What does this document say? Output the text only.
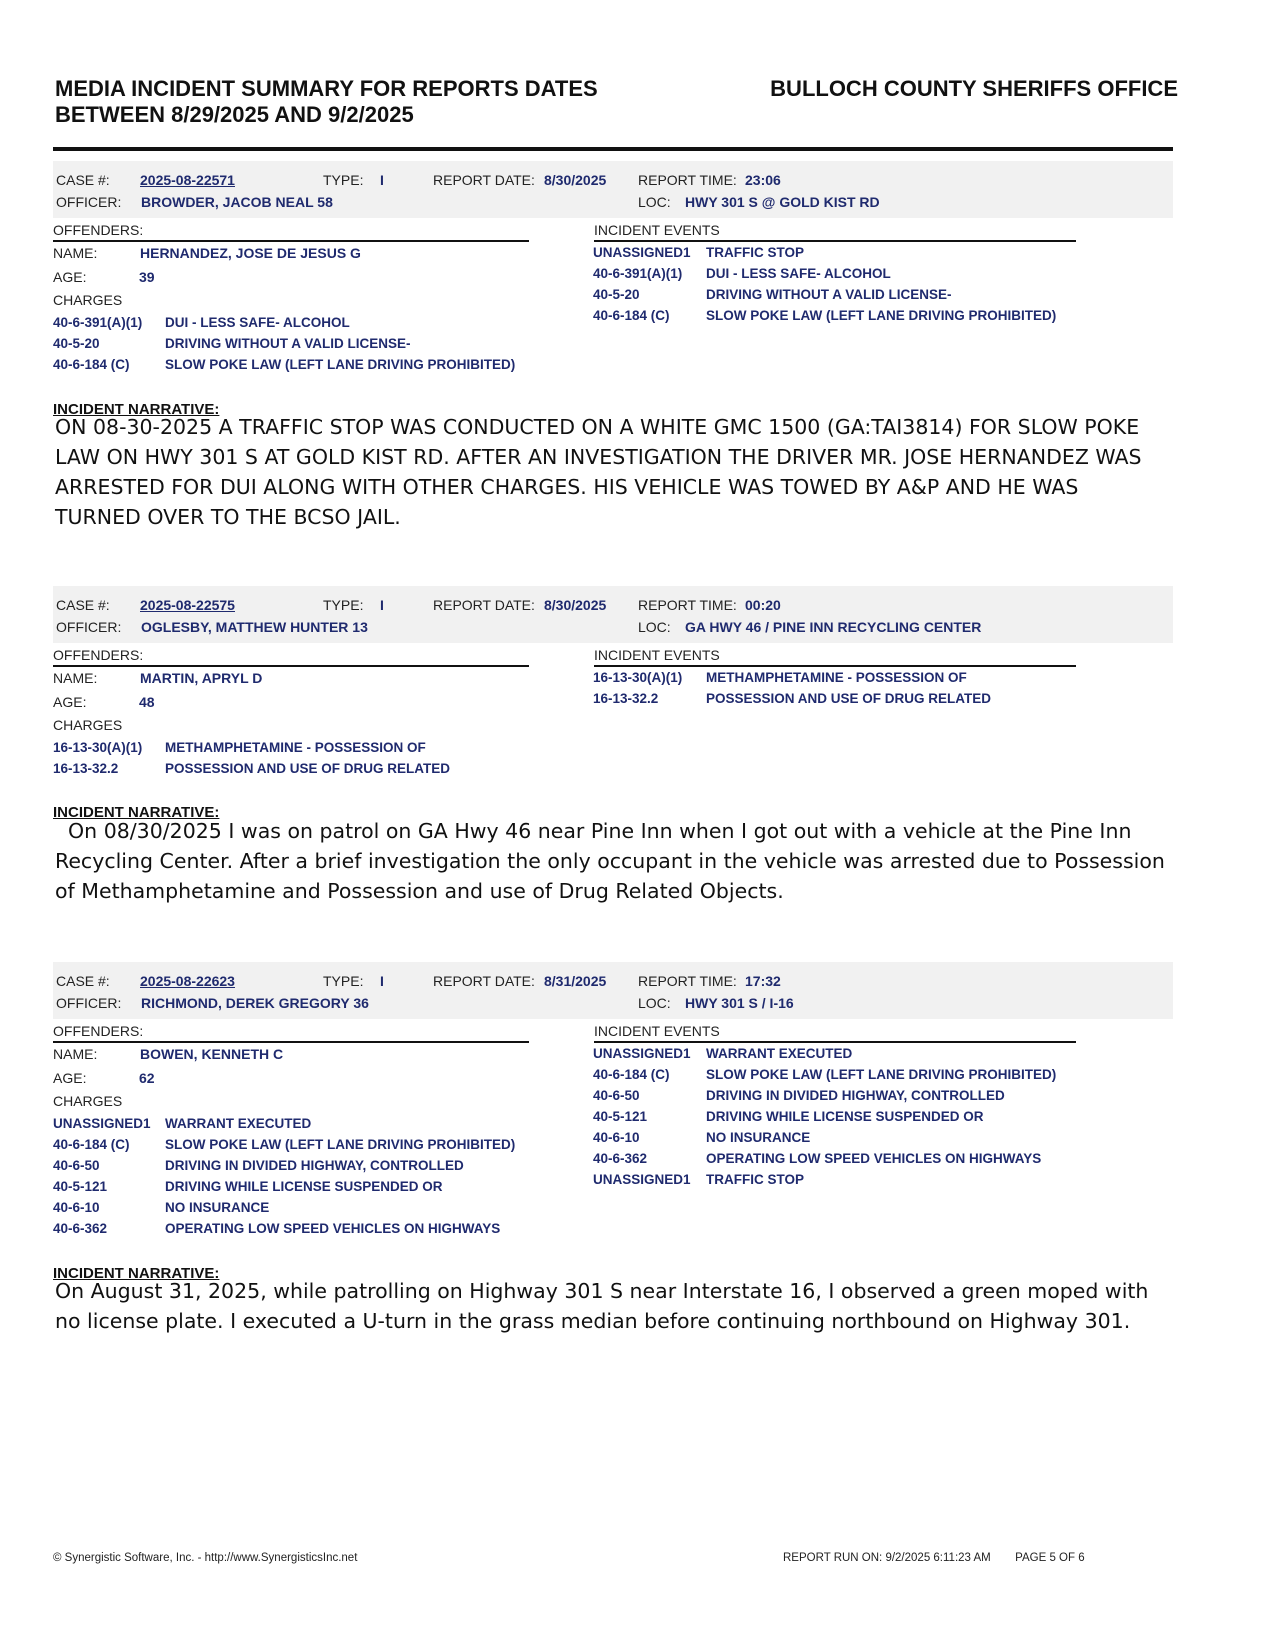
MEDIA INCIDENT SUMMARY FOR REPORTS DATES
BETWEEN 8/29/2025 AND 9/2/2025
BULLOCH COUNTY SHERIFFS OFFICE
CASE #: 2025-08-22571	TYPE: I	REPORT DATE: 8/30/2025 REPORT TIME: 23:06
OFFICER: BROWDER, JACOB NEAL 58	LOC: HWY 301 S @ GOLD KIST RD
OFFENDERS:	INCIDENT EVENTS
NAME:	HERNANDEZ, JOSE DE JESUS G
AGE:	39
CHARGES
40-6-391(A)(1) DUI - LESS SAFE- ALCOHOL
40-5-20	DRIVING WITHOUT A VALID LICENSE-
40-6-184 (C)	SLOW POKE LAW (LEFT LANE DRIVING PROHIBITED)
UNASSIGNED1 TRAFFIC STOP
40-6-391(A)(1) DUI - LESS SAFE- ALCOHOL
40-5-20	DRIVING WITHOUT A VALID LICENSE-
40-6-184 (C)	SLOW POKE LAW (LEFT LANE DRIVING PROHIBITED)
INCIDENT NARRATIVE:

ON 08-30-2025 A TRAFFIC STOP WAS CONDUCTED ON A WHITE GMC 1500 (GA:TAI3814) FOR SLOW POKE LAW ON HWY 301 S AT GOLD KIST RD. AFTER AN INVESTIGATION THE DRIVER MR. JOSE HERNANDEZ WAS ARRESTED FOR DUI ALONG WITH OTHER CHARGES. HIS VEHICLE WAS TOWED BY A&P AND HE WAS TURNED OVER TO THE BCSO JAIL.

CASE #: 2025-08-22575	TYPE: I	REPORT DATE: 8/30/2025 REPORT TIME: 00:20
OFFICER: OGLESBY, MATTHEW HUNTER 13	LOC: GA HWY 46 / PINE INN RECYCLING CENTER
OFFENDERS:	INCIDENT EVENTS
NAME:	MARTIN, APRYL D
AGE:	48
CHARGES
16-13-30(A)(1) METHAMPHETAMINE - POSSESSION OF
16-13-32.2	POSSESSION AND USE OF DRUG RELATED
16-13-30(A)(1) METHAMPHETAMINE - POSSESSION OF
16-13-32.2	POSSESSION AND USE OF DRUG RELATED
INCIDENT NARRATIVE:

On 08/30/2025 I was on patrol on GA Hwy 46 near Pine Inn when I got out with a vehicle at the Pine Inn Recycling Center. After a brief investigation the only occupant in the vehicle was arrested due to Possession of Methamphetamine and Possession and use of Drug Related Objects.

CASE #: 2025-08-22623	TYPE: I	REPORT DATE: 8/31/2025 REPORT TIME: 17:32
OFFICER: RICHMOND, DEREK GREGORY 36	LOC: HWY 301 S / I-16
OFFENDERS:	INCIDENT EVENTS
NAME:	BOWEN, KENNETH C
AGE:	62
CHARGES
UNASSIGNED1 WARRANT EXECUTED
40-6-184 (C)	SLOW POKE LAW (LEFT LANE DRIVING PROHIBITED)
40-6-50	DRIVING IN DIVIDED HIGHWAY, CONTROLLED
40-5-121	DRIVING WHILE LICENSE SUSPENDED OR
40-6-10	NO INSURANCE
40-6-362	OPERATING LOW SPEED VEHICLES ON HIGHWAYS
UNASSIGNED1 WARRANT EXECUTED
40-6-184 (C)	SLOW POKE LAW (LEFT LANE DRIVING PROHIBITED)
40-6-50	DRIVING IN DIVIDED HIGHWAY, CONTROLLED
40-5-121	DRIVING WHILE LICENSE SUSPENDED OR
40-6-10	NO INSURANCE
40-6-362	OPERATING LOW SPEED VEHICLES ON HIGHWAYS
UNASSIGNED1 TRAFFIC STOP
INCIDENT NARRATIVE:

On August 31, 2025, while patrolling on Highway 301 S near Interstate 16, I observed a green moped with no license plate. I executed a U-turn in the grass median before continuing northbound on Highway 301.

© Synergistic Software, Inc. - http://www.SynergisticsInc.net	REPORT RUN ON: 9/2/2025 6:11:23 AM PAGE 5 OF 6
